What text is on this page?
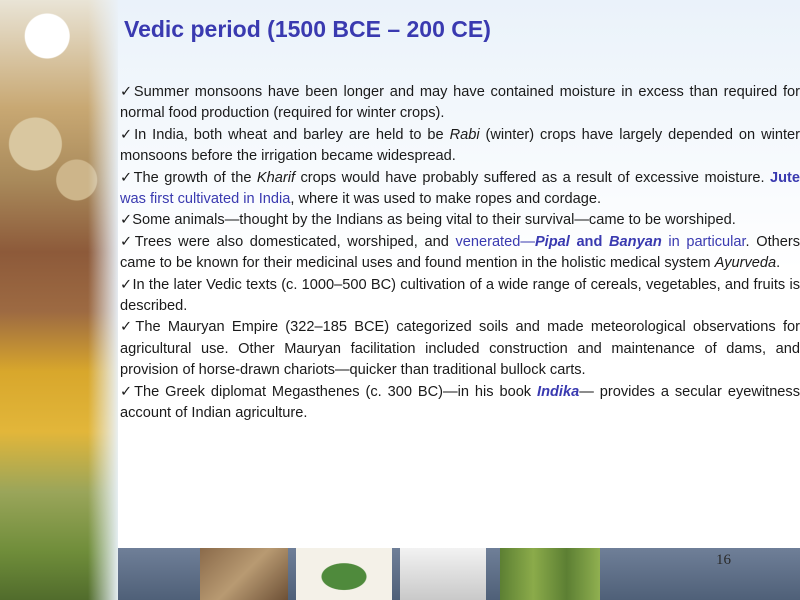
Vedic period (1500 BCE – 200 CE)

✓Summer monsoons have been longer and may have contained moisture in excess than required for normal food production (required for winter crops).

✓In India, both wheat and barley are held to be Rabi (winter) crops have largely depended on winter monsoons before the irrigation became widespread.

✓The growth of the Kharif crops would have probably suffered as a result of excessive moisture. Jute was first cultivated in India, where it was used to make ropes and cordage.

✓Some animals—thought by the Indians as being vital to their survival—came to be worshiped.

✓Trees were also domesticated, worshiped, and venerated—Pipal and Banyan in particular. Others came to be known for their medicinal uses and found mention in the holistic medical system Ayurveda.

✓In the later Vedic texts (c. 1000–500 BC) cultivation of a wide range of cereals, vegetables, and fruits is described.

✓The Mauryan Empire (322–185 BCE) categorized soils and made meteorological observations for agricultural use. Other Mauryan facilitation included construction and maintenance of dams, and provision of horse-drawn chariots—quicker than traditional bullock carts.

✓The Greek diplomat Megasthenes (c. 300 BC)—in his book Indika— provides a secular eyewitness account of Indian agriculture.

16
